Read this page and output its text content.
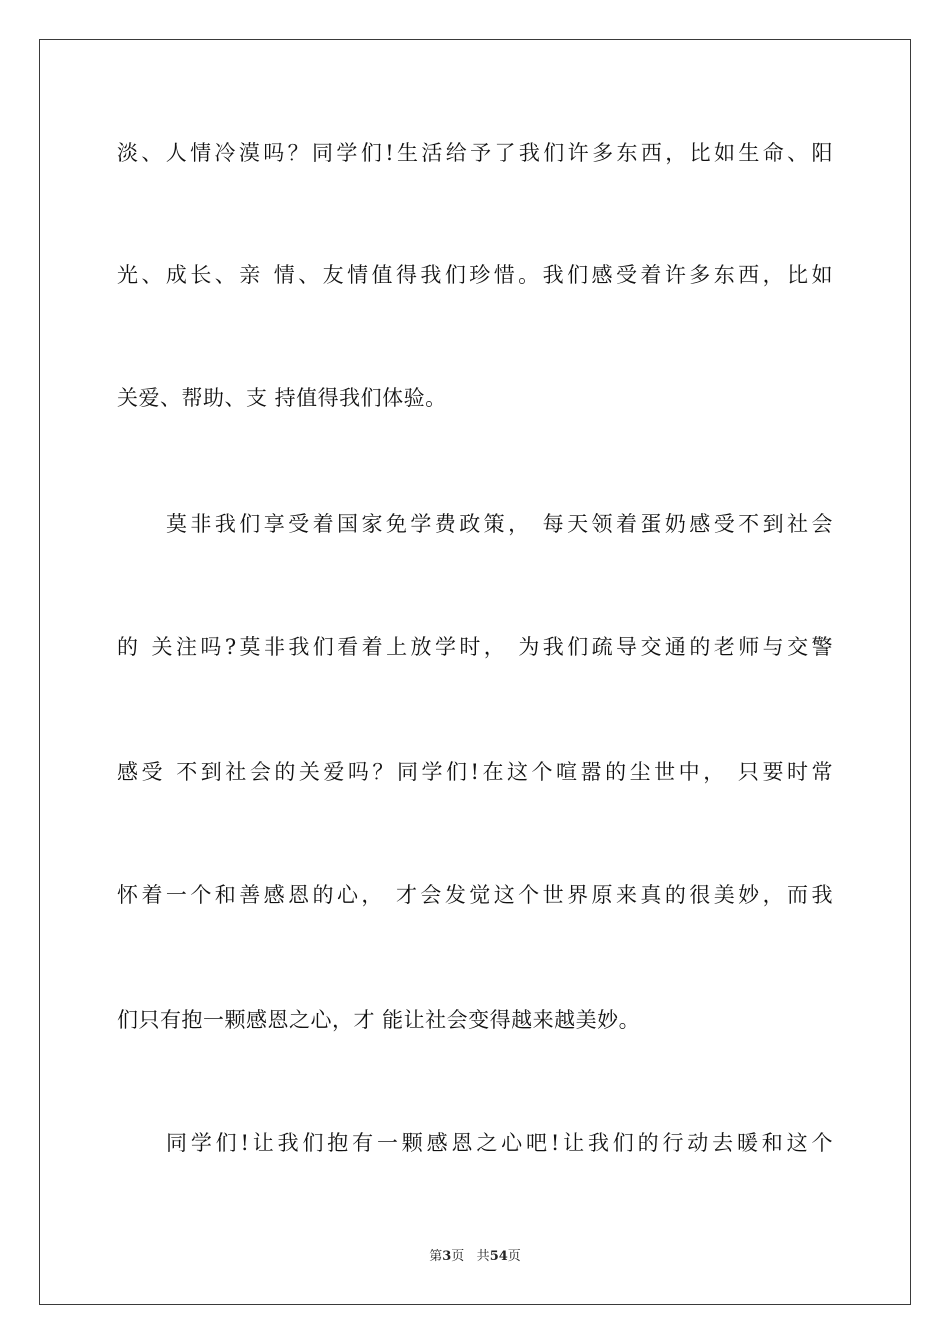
淡、人情冷漠吗？同学们!生活给予了我们许多东西，比如生命、阳
光、成长、亲 情、友情值得我们珍惜。我们感受着许多东西，比如
关爱、帮助、支 持值得我们体验。
莫非我们享受着国家免学费政策， 每天领着蛋奶感受不到社会
的 关注吗?莫非我们看着上放学时， 为我们疏导交通的老师与交警
感受 不到社会的关爱吗？同学们!在这个喧嚣的尘世中， 只要时常
怀着一个和善感恩的心， 才会发觉这个世界原来真的很美妙，而我
们只有抱一颗感恩之心，才 能让社会变得越来越美妙。
同学们!让我们抱有一颗感恩之心吧!让我们的行动去暖和这个
第3页 共54页
